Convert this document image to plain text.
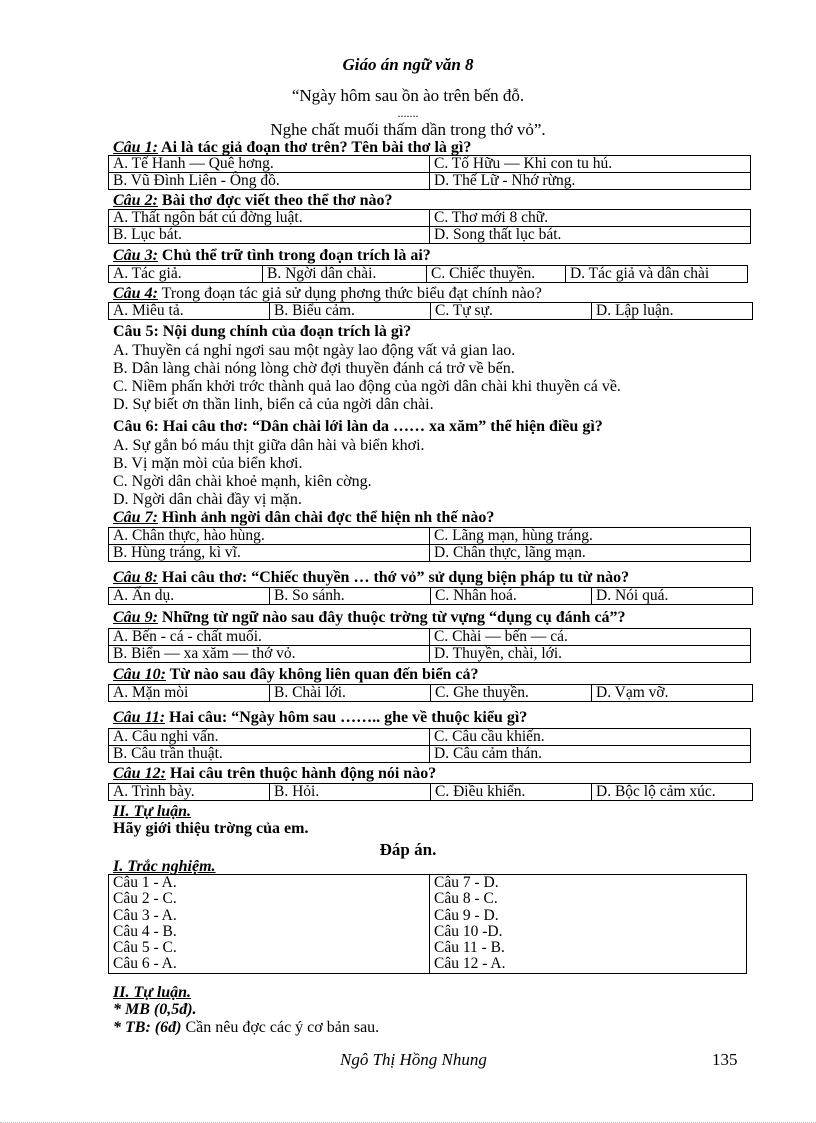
Giáo án ngữ văn 8
“Ngày hôm sau ồn ào trên bến đỗ.
.......
Nghe chất muối thấm dần trong thớ vỏ”.
Câu 1: Ai là tác giả đoạn thơ trên? Tên bài thơ là gì?
A. Tế Hanh — Quê hơng.	C. Tố Hữu — Khi con tu hú.
B. Vũ Đình Liên - Ông đồ.	D. Thế Lữ - Nhớ rừng.
Câu 2: Bài thơ đợc viết theo thể thơ nào?
A. Thất ngôn bát cú đờng luật.	C. Thơ mới 8 chữ.
B. Lục bát.	D. Song thất lục bát.
Câu 3: Chủ thể trữ tình trong đoạn trích là ai?
A. Tác giả.	B. Ngời dân chài.	C. Chiếc thuyền.	D. Tác giả và dân chài
Câu 4: Trong đoạn tác giả sử dụng phơng thức biểu đạt chính nào?
A. Miêu tả.	B. Biểu cảm.	C. Tự sự.	D. Lập luận.
Câu 5: Nội dung chính của đoạn trích là gì?
A. Thuyền cá nghỉ ngơi sau một ngày lao động vất vả gian lao.
B. Dân làng chài nóng lòng chờ đợi thuyền đánh cá trở về bến.
C. Niềm phấn khởi trớc thành quả lao động của ngời dân chài khi thuyền cá về.
D. Sự biết ơn thần linh, biển cả của ngời dân chài.
Câu 6: Hai câu thơ: “Dân chài lới làn da …… xa xăm” thể hiện điều gì?
A. Sự gắn bó máu thịt giữa dân hài và biển khơi.
B. Vị mặn mòi của biển khơi.
C. Ngời dân chài khoẻ mạnh, kiên cờng.
D. Ngời dân chài đầy vị mặn.
Câu 7: Hình ảnh ngời dân chài đợc thể hiện nh thế nào?
A. Chân thực, hào hùng.	C. Lãng mạn, hùng tráng.
B. Hùng tráng, kì vĩ.	D. Chân thực, lãng mạn.
Câu 8: Hai câu thơ: “Chiếc thuyền … thớ vỏ” sử dụng biện pháp tu từ nào?
A. Ẩn dụ.	B. So sánh.	C. Nhân hoá.	D. Nói quá.
Câu 9: Những từ ngữ nào sau đây thuộc trờng từ vựng “dụng cụ đánh cá”?
A. Bến - cá - chất muối.	C. Chài — bến — cá.
B. Biển — xa xăm — thớ vỏ.	D. Thuyền, chài, lới.
Câu 10: Từ nào sau đây không liên quan đến biển cả?
A. Mặn mòi	B. Chài lới.	C. Ghe thuyền.	D. Vạm vỡ.
Câu 11: Hai câu: “Ngày hôm sau …….. ghe về thuộc kiểu gì?
A. Câu nghi vấn.	C. Câu cầu khiến.
B. Câu trần thuật.	D. Câu cảm thán.
Câu 12: Hai câu trên thuộc hành động nói nào?
A. Trình bày.	B. Hỏi.	C. Điều khiển.	D. Bộc lộ cảm xúc.
II. Tự luận.
Hãy giới thiệu trờng của em.
Đáp án.
I. Trắc nghiệm.
Câu 1 - A.
Câu 2 - C.
Câu 3 - A.
Câu 4 - B.
Câu 5 - C.
Câu 6 - A.

Câu 7 - D.
Câu 8 - C.
Câu 9 - D.
Câu 10 -D.
Câu 11 - B.
Câu 12 - A.
II. Tự luận.
* MB (0,5đ).
* TB: (6đ) Cần nêu đợc các ý cơ bản sau.
Ngô Thị Hồng Nhung	135
